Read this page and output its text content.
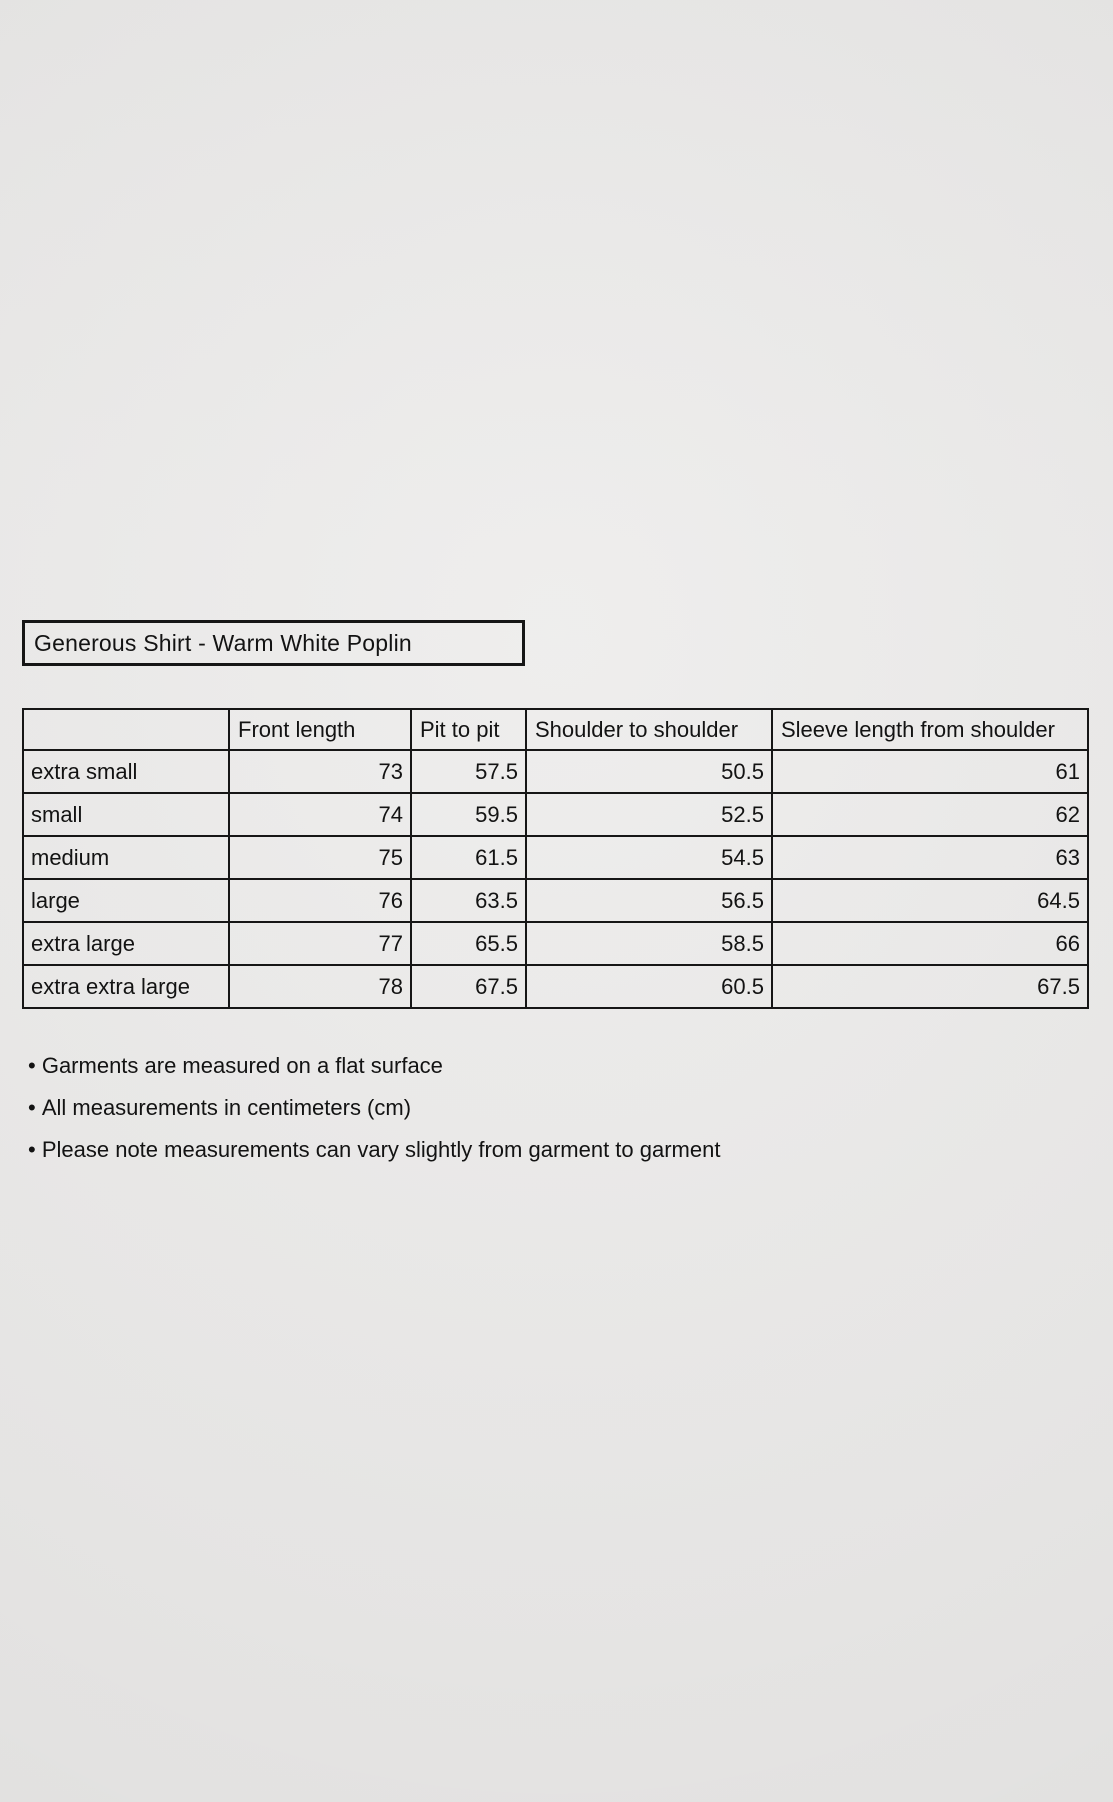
Generous Shirt - Warm White Poplin
	Front length	Pit to pit	Shoulder to shoulder	Sleeve length from shoulder
extra small	73	57.5	50.5	61
small	74	59.5	52.5	62
medium	75	61.5	54.5	63
large	76	63.5	56.5	64.5
extra large	77	65.5	58.5	66
extra extra large	78	67.5	60.5	67.5
• Garments are measured on a flat surface
• All measurements in centimeters (cm)
• Please note measurements can vary slightly from garment to garment
